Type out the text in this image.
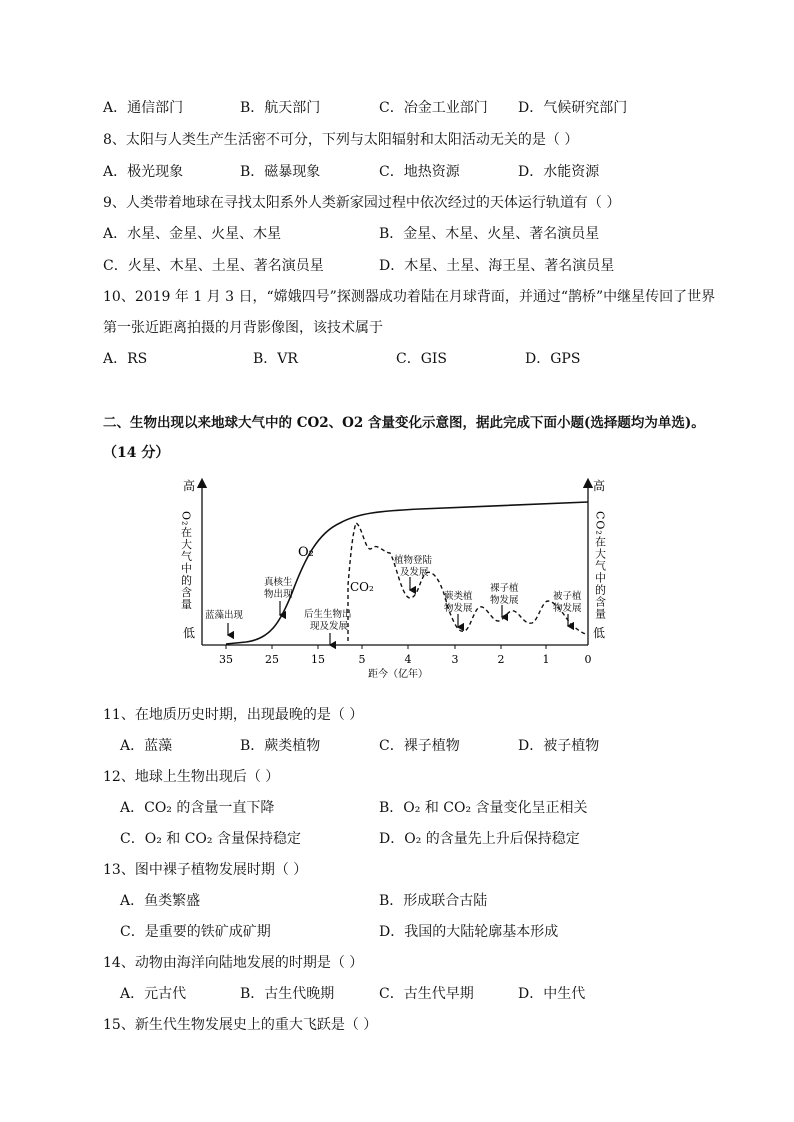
A．通信部门	B．航天部门	C．冶金工业部门 D．气候研究部门
8、太阳与人类生产生活密不可分，下列与太阳辐射和太阳活动无关的是（ ）
A．极光现象	B．磁暴现象	C．地热资源	D．水能资源
9、人类带着地球在寻找太阳系外人类新家园过程中依次经过的天体运行轨道有（ ）
A．水星、金星、火星、木星	B．金星、木星、火星、著名演员星
C．火星、木星、土星、著名演员星	D．木星、土星、海王星、著名演员星
10、2019 年 1 月 3 日，“嫦娥四号”探测器成功着陆在月球背面，并通过“鹊桥”中继星传回了世界
第一张近距离拍摄的月背影像图，该技术属于
A．RS	B．VR	C．GIS	D．GPS
二、生物出现以来地球大气中的 CO2、O2 含量变化示意图，据此完成下面小题(选择题均为单选)。
（14 分）
高
低
高
低
O₂在大气中的含量	CO₂在大气中的含量
35	25	15	5	4	3	2	1	0
距今（亿年）
O₂
CO₂
蓝藻出现
真核生物出现
后生生物出现及发展
植物登陆及发展
蕨类植物发展
裸子植物发展	被子植物发展
11、在地质历史时期，出现最晚的是（ ）
A．蓝藻	B．蕨类植物	C．裸子植物	D．被子植物
12、地球上生物出现后（ ）
A．CO₂ 的含量一直下降	B．O₂ 和 CO₂ 含量变化呈正相关
C．O₂ 和 CO₂ 含量保持稳定	D．O₂ 的含量先上升后保持稳定
13、图中裸子植物发展时期（ ）
A．鱼类繁盛	B．形成联合古陆
C．是重要的铁矿成矿期	D．我国的大陆轮廓基本形成
14、动物由海洋向陆地发展的时期是（ ）
A．元古代	B．古生代晚期	C．古生代早期	D．中生代
15、新生代生物发展史上的重大飞跃是（ ）
